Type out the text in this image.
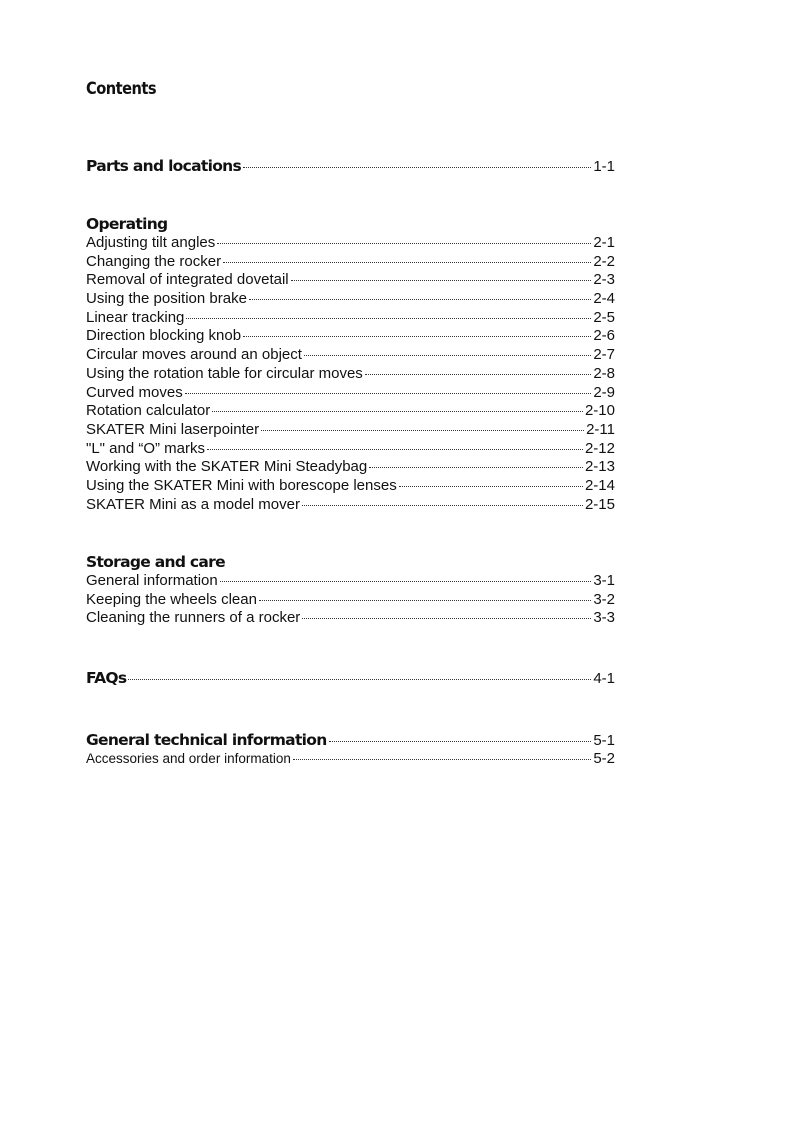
Contents
Parts and locations	1-1
Operating
Adjusting tilt angles	2-1
Changing the rocker	2-2
Removal of integrated dovetail	2-3
Using the position brake	2-4
Linear tracking	2-5
Direction blocking knob	2-6
Circular moves around an object	2-7
Using the rotation table for circular moves	2-8
Curved moves	2-9
Rotation calculator	2-10
SKATER Mini laserpointer	2-11
"L" and “O” marks	2-12
Working with the SKATER Mini Steadybag	2-13
Using the SKATER Mini with borescope lenses	2-14
SKATER Mini as a model mover	2-15
Storage and care
General information	3-1
Keeping the wheels clean	3-2
Cleaning the runners of a rocker	3-3
FAQs	4-1
General technical information	5-1
Accessories and order information	5-2
